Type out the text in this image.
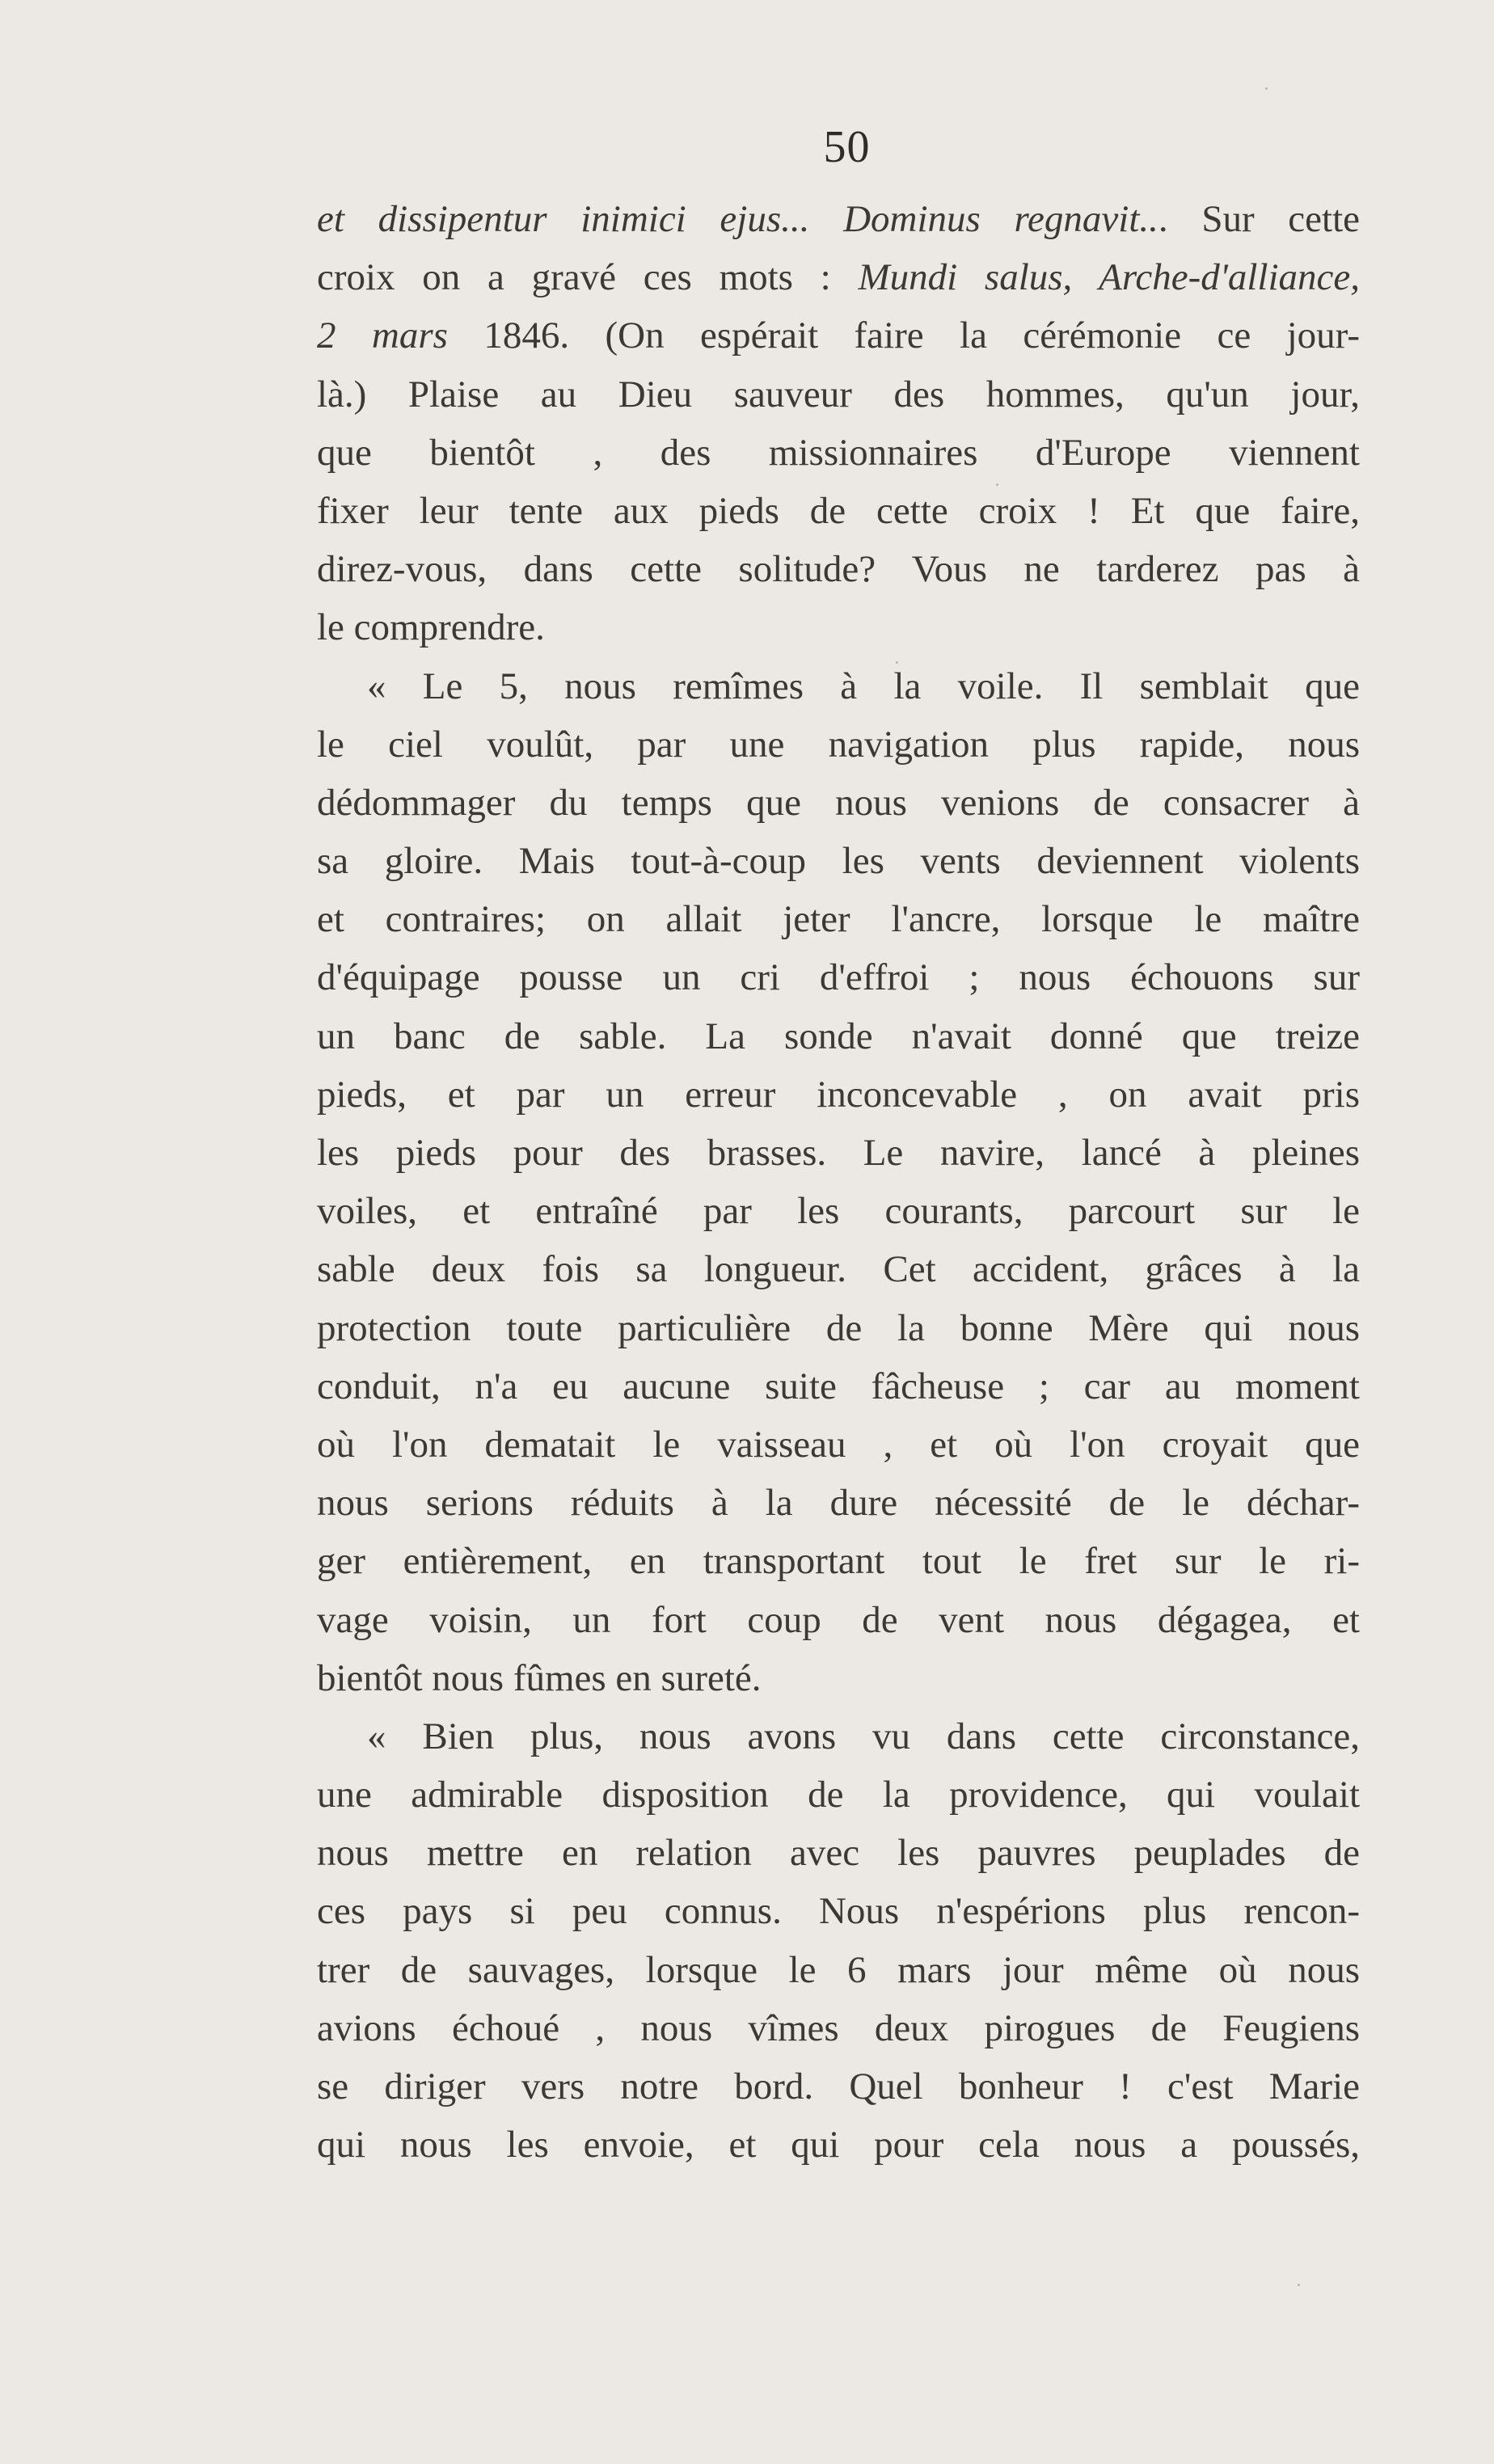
50
et dissipentur inimici ejus... Dominus regnavit... Sur cette
croix on a gravé ces mots : Mundi salus, Arche-d'alliance,
2 mars 1846. (On espérait faire la cérémonie ce jour-
là.) Plaise au Dieu sauveur des hommes, qu'un jour,
que bientôt , des missionnaires d'Europe viennent
fixer leur tente aux pieds de cette croix ! Et que faire,
direz-vous, dans cette solitude? Vous ne tarderez pas à
le comprendre.
« Le 5, nous remîmes à la voile. Il semblait que
le ciel voulût, par une navigation plus rapide, nous
dédommager du temps que nous venions de consacrer à
sa gloire. Mais tout-à-coup les vents deviennent violents
et contraires; on allait jeter l'ancre, lorsque le maître
d'équipage pousse un cri d'effroi ; nous échouons sur
un banc de sable. La sonde n'avait donné que treize
pieds, et par un erreur inconcevable , on avait pris
les pieds pour des brasses. Le navire, lancé à pleines
voiles, et entraîné par les courants, parcourt sur le
sable deux fois sa longueur. Cet accident, grâces à la
protection toute particulière de la bonne Mère qui nous
conduit, n'a eu aucune suite fâcheuse ; car au moment
où l'on dematait le vaisseau , et où l'on croyait que
nous serions réduits à la dure nécessité de le déchar-
ger entièrement, en transportant tout le fret sur le ri-
vage voisin, un fort coup de vent nous dégagea, et
bientôt nous fûmes en sureté.
« Bien plus, nous avons vu dans cette circonstance,
une admirable disposition de la providence, qui voulait
nous mettre en relation avec les pauvres peuplades de
ces pays si peu connus. Nous n'espérions plus rencon-
trer de sauvages, lorsque le 6 mars jour même où nous
avions échoué , nous vîmes deux pirogues de Feugiens
se diriger vers notre bord. Quel bonheur ! c'est Marie
qui nous les envoie, et qui pour cela nous a poussés,
